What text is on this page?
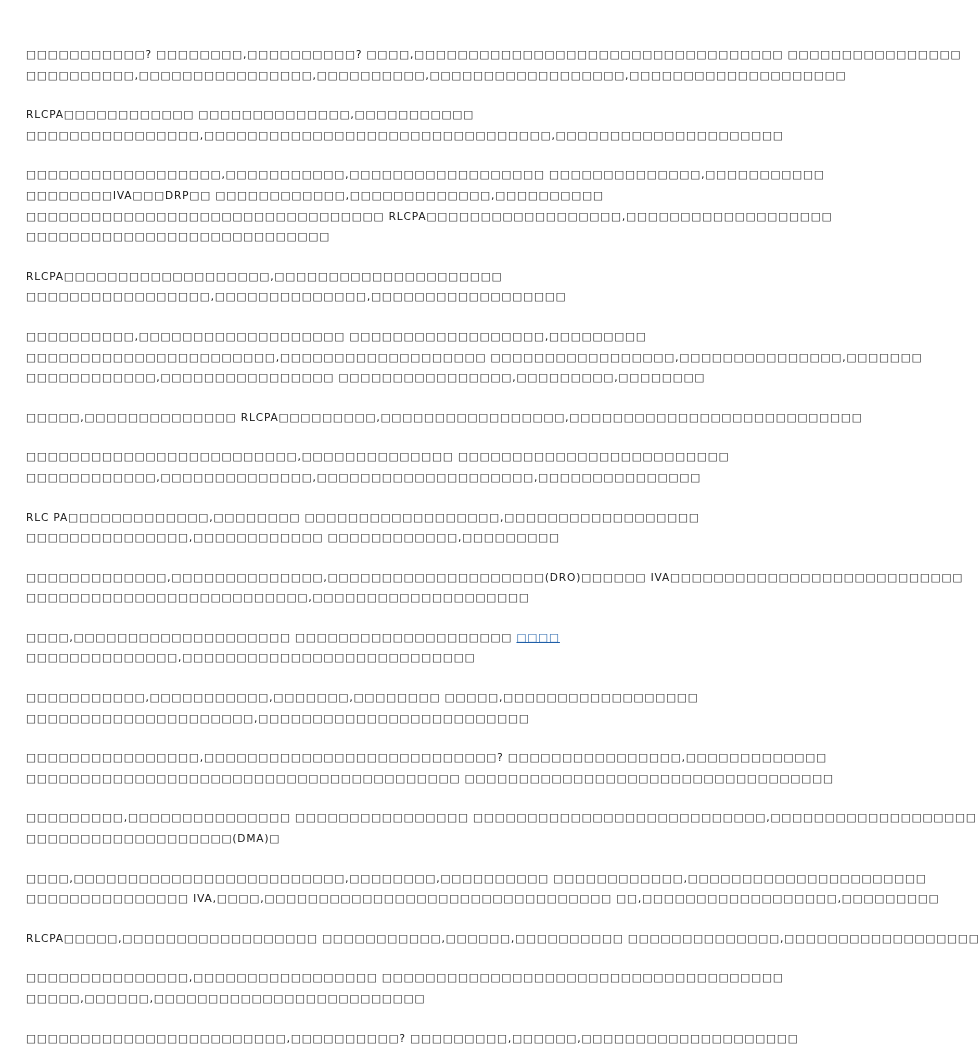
□□□□□□□□□□□? □□□□□□□□,□□□□□□□□□□? □□□□,□□□□□□□□□□□□□□□□□□□□□□□□□□□□□□□□□□ □□□□□□□□□□□□□□□□
□□□□□□□□□□,□□□□□□□□□□□□□□□□,□□□□□□□□□□,□□□□□□□□□□□□□□□□□□,□□□□□□□□□□□□□□□□□□□□

RLCPA□□□□□□□□□□□□ □□□□□□□□□□□□□□,□□□□□□□□□□□
□□□□□□□□□□□□□□□□,□□□□□□□□□□□□□□□□□□□□□□□□□□□□□□□□,□□□□□□□□□□□□□□□□□□□□□

□□□□□□□□□□□□□□□□□□,□□□□□□□□□□□,□□□□□□□□□□□□□□□□□□ □□□□□□□□□□□□□□,□□□□□□□□□□□
□□□□□□□□IVA□□□DRP□□ □□□□□□□□□□□□,□□□□□□□□□□□□□,□□□□□□□□□□
□□□□□□□□□□□□□□□□□□□□□□□□□□□□□□□□□ RLCPA□□□□□□□□□□□□□□□□□□,□□□□□□□□□□□□□□□□□□□
□□□□□□□□□□□□□□□□□□□□□□□□□□□□

RLCPA□□□□□□□□□□□□□□□□□□□,□□□□□□□□□□□□□□□□□□□□□
□□□□□□□□□□□□□□□□□,□□□□□□□□□□□□□□,□□□□□□□□□□□□□□□□□□

□□□□□□□□□□,□□□□□□□□□□□□□□□□□□□ □□□□□□□□□□□□□□□□□□,□□□□□□□□□
□□□□□□□□□□□□□□□□□□□□□□□,□□□□□□□□□□□□□□□□□□□ □□□□□□□□□□□□□□□□□,□□□□□□□□□□□□□□□,□□□□□□□
□□□□□□□□□□□□,□□□□□□□□□□□□□□□□ □□□□□□□□□□□□□□□□,□□□□□□□□□,□□□□□□□□

□□□□□,□□□□□□□□□□□□□□ RLCPA□□□□□□□□□,□□□□□□□□□□□□□□□□□,□□□□□□□□□□□□□□□□□□□□□□□□□□□

□□□□□□□□□□□□□□□□□□□□□□□□□,□□□□□□□□□□□□□□ □□□□□□□□□□□□□□□□□□□□□□□□□
□□□□□□□□□□□□,□□□□□□□□□□□□□□,□□□□□□□□□□□□□□□□□□□□,□□□□□□□□□□□□□□□

RLC PA□□□□□□□□□□□□□,□□□□□□□□ □□□□□□□□□□□□□□□□□□,□□□□□□□□□□□□□□□□□□
□□□□□□□□□□□□□□□,□□□□□□□□□□□□ □□□□□□□□□□□□,□□□□□□□□□

□□□□□□□□□□□□□,□□□□□□□□□□□□□□,□□□□□□□□□□□□□□□□□□□□(DRO)□□□□□□ IVA□□□□□□□□□□□□□□□□□□□□□□□□□□□
□□□□□□□□□□□□□□□□□□□□□□□□□□,□□□□□□□□□□□□□□□□□□□□

□□□□,□□□□□□□□□□□□□□□□□□□□ □□□□□□□□□□□□□□□□□□□□ □□□□
□□□□□□□□□□□□□□,□□□□□□□□□□□□□□□□□□□□□□□□□□□

□□□□□□□□□□□,□□□□□□□□□□□,□□□□□□□,□□□□□□□□ □□□□□,□□□□□□□□□□□□□□□□□□
□□□□□□□□□□□□□□□□□□□□□,□□□□□□□□□□□□□□□□□□□□□□□□□

□□□□□□□□□□□□□□□□,□□□□□□□□□□□□□□□□□□□□□□□□□□□? □□□□□□□□□□□□□□□□,□□□□□□□□□□□□□
□□□□□□□□□□□□□□□□□□□□□□□□□□□□□□□□□□□□□□□□ □□□□□□□□□□□□□□□□□□□□□□□□□□□□□□□□□□

□□□□□□□□□,□□□□□□□□□□□□□□□ □□□□□□□□□□□□□□□□ □□□□□□□□□□□□□□□□□□□□□□□□□□□,□□□□□□□□□□□□□□□□□□□
□□□□□□□□□□□□□□□□□□□(DMA)□

□□□□,□□□□□□□□□□□□□□□□□□□□□□□□□,□□□□□□□□,□□□□□□□□□□ □□□□□□□□□□□□,□□□□□□□□□□□□□□□□□□□□□□
□□□□□□□□□□□□□□□ IVA,□□□□,□□□□□□□□□□□□□□□□□□□□□□□□□□□□□□□□ □□,□□□□□□□□□□□□□□□□□□,□□□□□□□□□

RLCPA□□□□□,□□□□□□□□□□□□□□□□□□ □□□□□□□□□□□,□□□□□□,□□□□□□□□□□ □□□□□□□□□□□□□□,□□□□□□□□□□□□□□□□□□

□□□□□□□□□□□□□□□,□□□□□□□□□□□□□□□□□ □□□□□□□□□□□□□□□□□□□□□□□□□□□□□□□□□□□□□
□□□□□,□□□□□□,□□□□□□□□□□□□□□□□□□□□□□□□□

□□□□□□□□□□□□□□□□□□□□□□□□,□□□□□□□□□□? □□□□□□□□□,□□□□□□,□□□□□□□□□□□□□□□□□□□□
